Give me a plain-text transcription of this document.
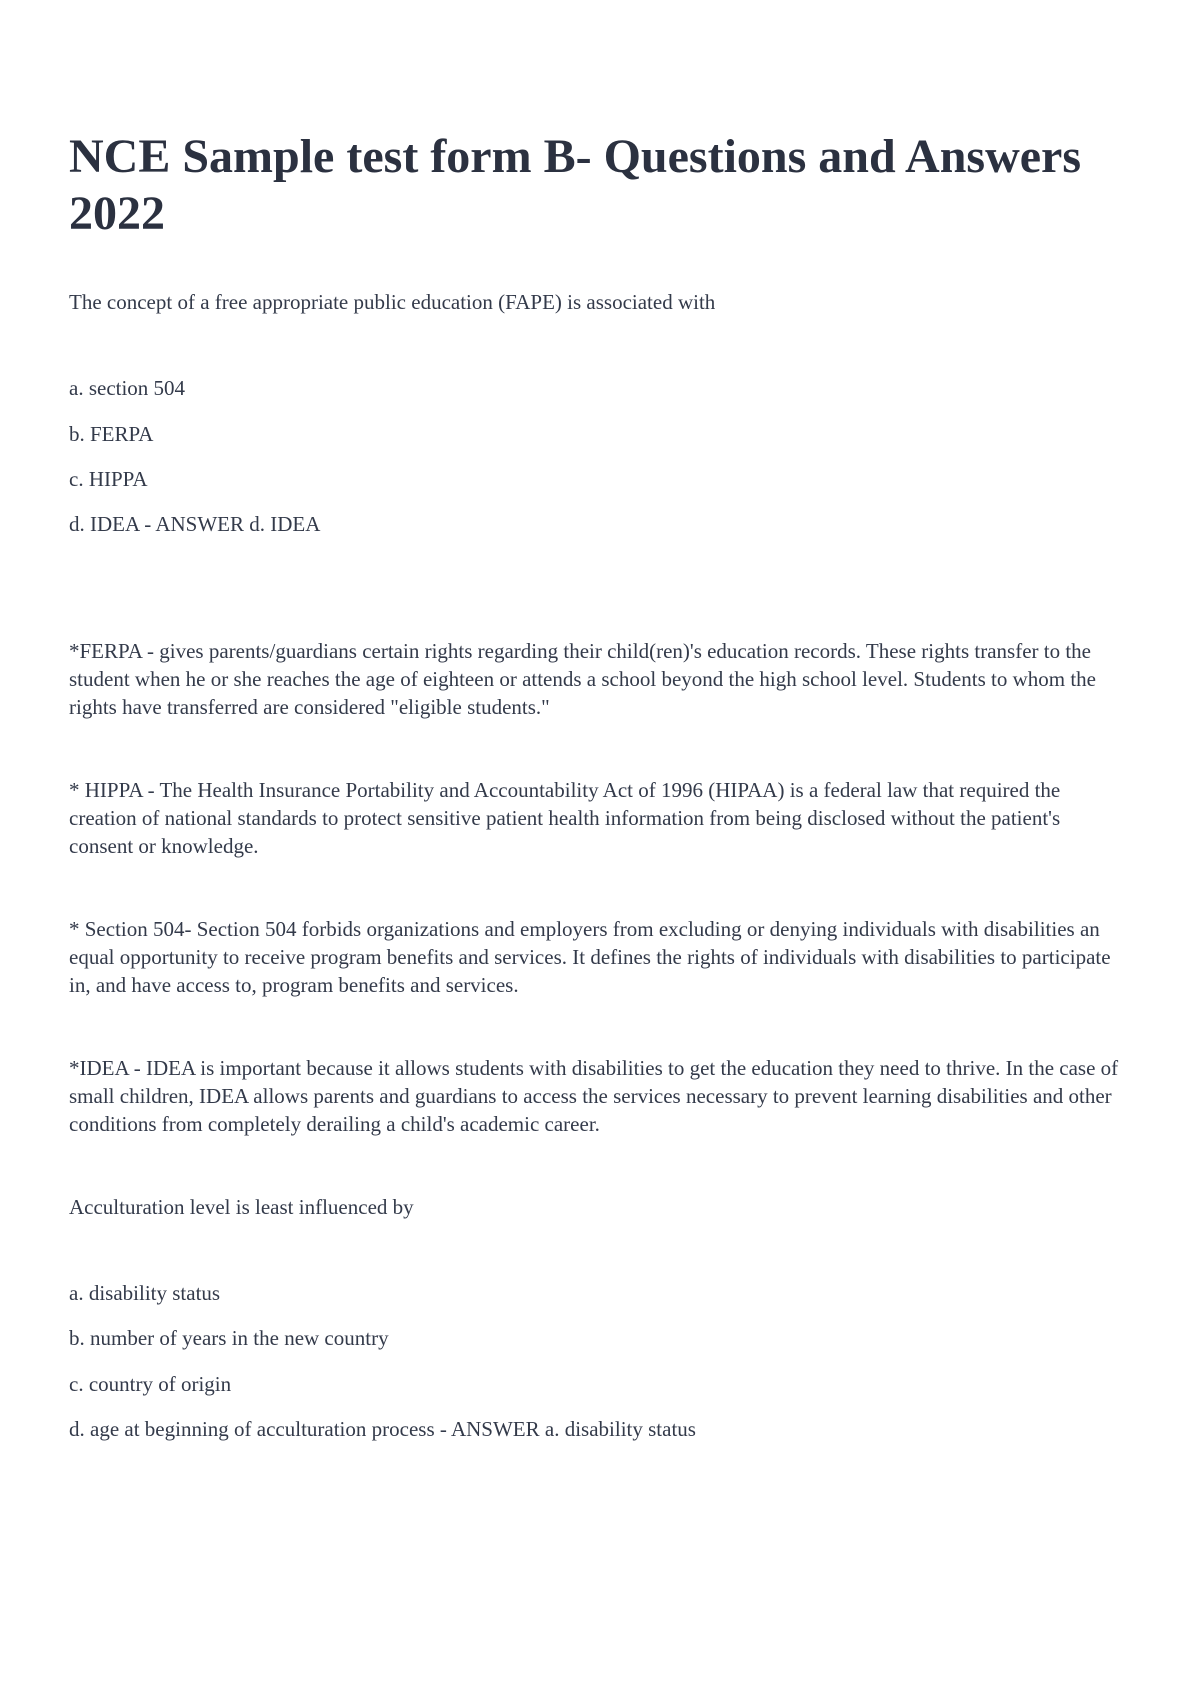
NCE Sample test form B- Questions and Answers 2022

The concept of a free appropriate public education (FAPE) is associated with

a. section 504

b. FERPA

c. HIPPA

d. IDEA - ANSWER d. IDEA

*FERPA - gives parents/guardians certain rights regarding their child(ren)'s education records. These rights transfer to the student when he or she reaches the age of eighteen or attends a school beyond the high school level. Students to whom the rights have transferred are considered "eligible students."

* HIPPA - The Health Insurance Portability and Accountability Act of 1996 (HIPAA) is a federal law that required the creation of national standards to protect sensitive patient health information from being disclosed without the patient's consent or knowledge.

* Section 504- Section 504 forbids organizations and employers from excluding or denying individuals with disabilities an equal opportunity to receive program benefits and services. It defines the rights of individuals with disabilities to participate in, and have access to, program benefits and services.

*IDEA - IDEA is important because it allows students with disabilities to get the education they need to thrive. In the case of small children, IDEA allows parents and guardians to access the services necessary to prevent learning disabilities and other conditions from completely derailing a child's academic career.

Acculturation level is least influenced by

a. disability status

b. number of years in the new country

c. country of origin

d. age at beginning of acculturation process - ANSWER a. disability status
